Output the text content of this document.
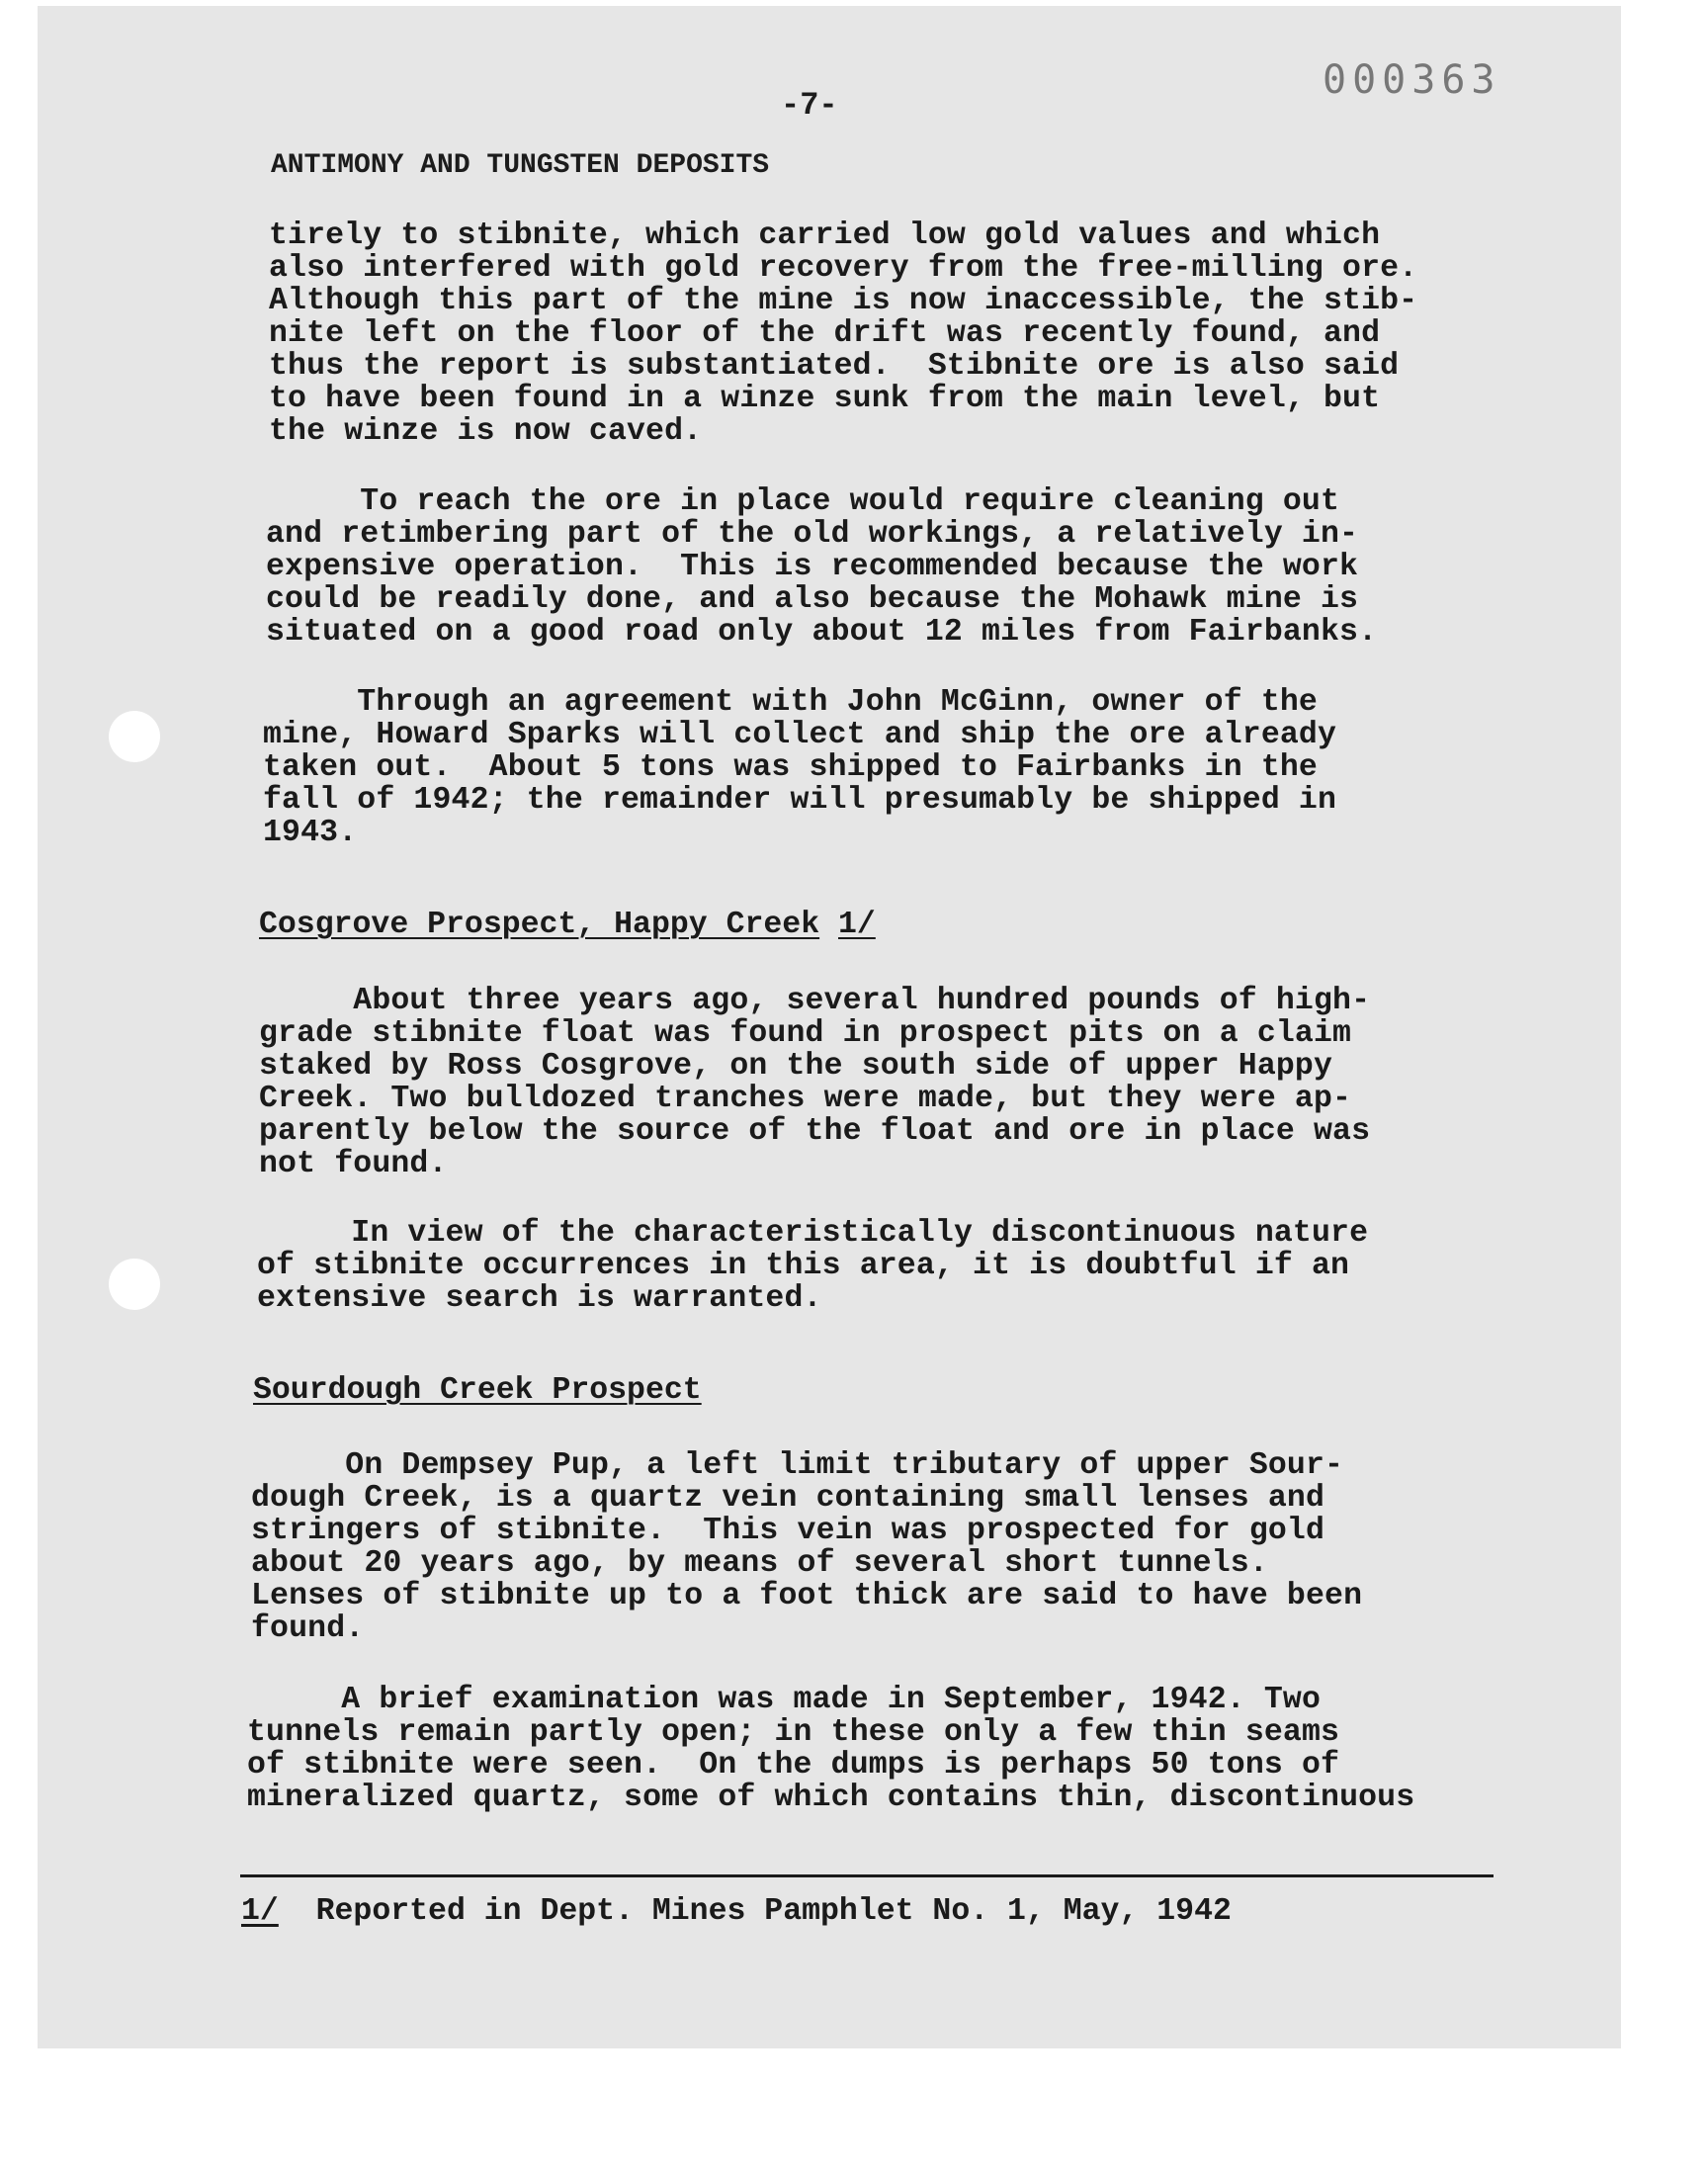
-7-

000363

ANTIMONY AND TUNGSTEN DEPOSITS

tirely to stibnite, which carried low gold values and which
also interfered with gold recovery from the free-milling ore.
Although this part of the mine is now inaccessible, the stib-
nite left on the floor of the drift was recently found, and
thus the report is substantiated.  Stibnite ore is also said
to have been found in a winze sunk from the main level, but
the winze is now caved.

To reach the ore in place would require cleaning out
and retimbering part of the old workings, a relatively in-
expensive operation.  This is recommended because the work
could be readily done, and also because the Mohawk mine is
situated on a good road only about 12 miles from Fairbanks.

Through an agreement with John McGinn, owner of the
mine, Howard Sparks will collect and ship the ore already
taken out.  About 5 tons was shipped to Fairbanks in the
fall of 1942; the remainder will presumably be shipped in
1943.

Cosgrove Prospect, Happy Creek 1/

About three years ago, several hundred pounds of high-
grade stibnite float was found in prospect pits on a claim
staked by Ross Cosgrove, on the south side of upper Happy
Creek. Two bulldozed tranches were made, but they were ap-
parently below the source of the float and ore in place was
not found.

In view of the characteristically discontinuous nature
of stibnite occurrences in this area, it is doubtful if an
extensive search is warranted.

Sourdough Creek Prospect

On Dempsey Pup, a left limit tributary of upper Sour-
dough Creek, is a quartz vein containing small lenses and
stringers of stibnite.  This vein was prospected for gold
about 20 years ago, by means of several short tunnels.
Lenses of stibnite up to a foot thick are said to have been
found.

A brief examination was made in September, 1942. Two
tunnels remain partly open; in these only a few thin seams
of stibnite were seen.  On the dumps is perhaps 50 tons of
mineralized quartz, some of which contains thin, discontinuous

1/ Reported in Dept. Mines Pamphlet No. 1, May, 1942
